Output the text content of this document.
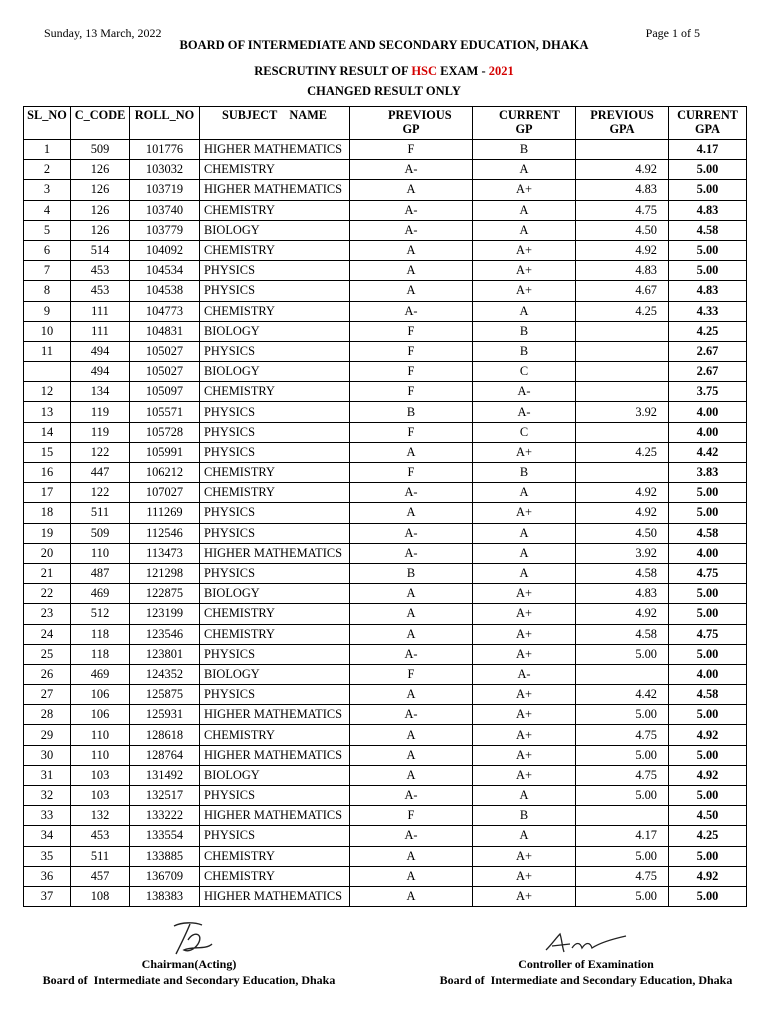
Sunday, 13 March, 2022	Page 1 of 5
BOARD OF INTERMEDIATE AND SECONDARY EDUCATION, DHAKA
RESCRUTINY RESULT OF HSC EXAM - 2021
CHANGED RESULT ONLY
SL_NO	C_CODE	ROLL_NO	SUBJECT    NAME	PREVIOUS GP	CURRENT GP	PREVIOUS GPA	CURRENT GPA
1	509	101776	HIGHER MATHEMATICS	F	B		4.17
2	126	103032	CHEMISTRY	A-	A	4.92	5.00
3	126	103719	HIGHER MATHEMATICS	A	A+	4.83	5.00
4	126	103740	CHEMISTRY	A-	A	4.75	4.83
5	126	103779	BIOLOGY	A-	A	4.50	4.58
6	514	104092	CHEMISTRY	A	A+	4.92	5.00
7	453	104534	PHYSICS	A	A+	4.83	5.00
8	453	104538	PHYSICS	A	A+	4.67	4.83
9	111	104773	CHEMISTRY	A-	A	4.25	4.33
10	111	104831	BIOLOGY	F	B		4.25
11	494	105027	PHYSICS	F	B		2.67
	494	105027	BIOLOGY	F	C		2.67
12	134	105097	CHEMISTRY	F	A-		3.75
13	119	105571	PHYSICS	B	A-	3.92	4.00
14	119	105728	PHYSICS	F	C		4.00
15	122	105991	PHYSICS	A	A+	4.25	4.42
16	447	106212	CHEMISTRY	F	B		3.83
17	122	107027	CHEMISTRY	A-	A	4.92	5.00
18	511	111269	PHYSICS	A	A+	4.92	5.00
19	509	112546	PHYSICS	A-	A	4.50	4.58
20	110	113473	HIGHER MATHEMATICS	A-	A	3.92	4.00
21	487	121298	PHYSICS	B	A	4.58	4.75
22	469	122875	BIOLOGY	A	A+	4.83	5.00
23	512	123199	CHEMISTRY	A	A+	4.92	5.00
24	118	123546	CHEMISTRY	A	A+	4.58	4.75
25	118	123801	PHYSICS	A-	A+	5.00	5.00
26	469	124352	BIOLOGY	F	A-		4.00
27	106	125875	PHYSICS	A	A+	4.42	4.58
28	106	125931	HIGHER MATHEMATICS	A-	A+	5.00	5.00
29	110	128618	CHEMISTRY	A	A+	4.75	4.92
30	110	128764	HIGHER MATHEMATICS	A	A+	5.00	5.00
31	103	131492	BIOLOGY	A	A+	4.75	4.92
32	103	132517	PHYSICS	A-	A	5.00	5.00
33	132	133222	HIGHER MATHEMATICS	F	B		4.50
34	453	133554	PHYSICS	A-	A	4.17	4.25
35	511	133885	CHEMISTRY	A	A+	5.00	5.00
36	457	136709	CHEMISTRY	A	A+	4.75	4.92
37	108	138383	HIGHER MATHEMATICS	A	A+	5.00	5.00
Chairman(Acting)
Board of  Intermediate and Secondary Education, Dhaka
Controller of Examination
Board of  Intermediate and Secondary Education, Dhaka
